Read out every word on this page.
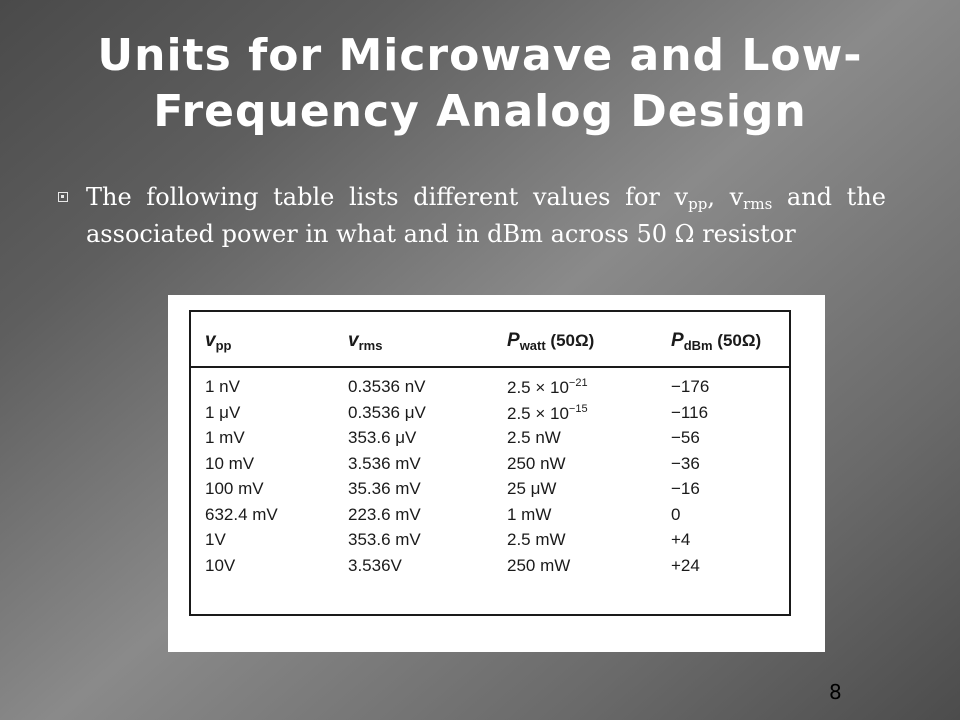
Units for Microwave and Low-
Frequency Analog Design
The following table lists different values for $v_{pp}$, $v_{rms}$ and the associated power in what and in dBm across 50 Ω resistor
$v_{pp}$	$v_{rms}$	$P_{watt}$ (50Ω)	$P_{dBm}$ (50Ω)
1 nV	0.3536 nV	$2.5 \times 10^{-21}$	−176
1 μV	0.3536 μV	$2.5 \times 10^{-15}$	−116
1 mV	353.6 μV	2.5 nW	−56
10 mV	3.536 mV	250 nW	−36
100 mV	35.36 mV	25 μW	−16
632.4 mV	223.6 mV	1 mW	0
1V	353.6 mV	2.5 mW	+4
10V	3.536V	250 mW	+24
8
